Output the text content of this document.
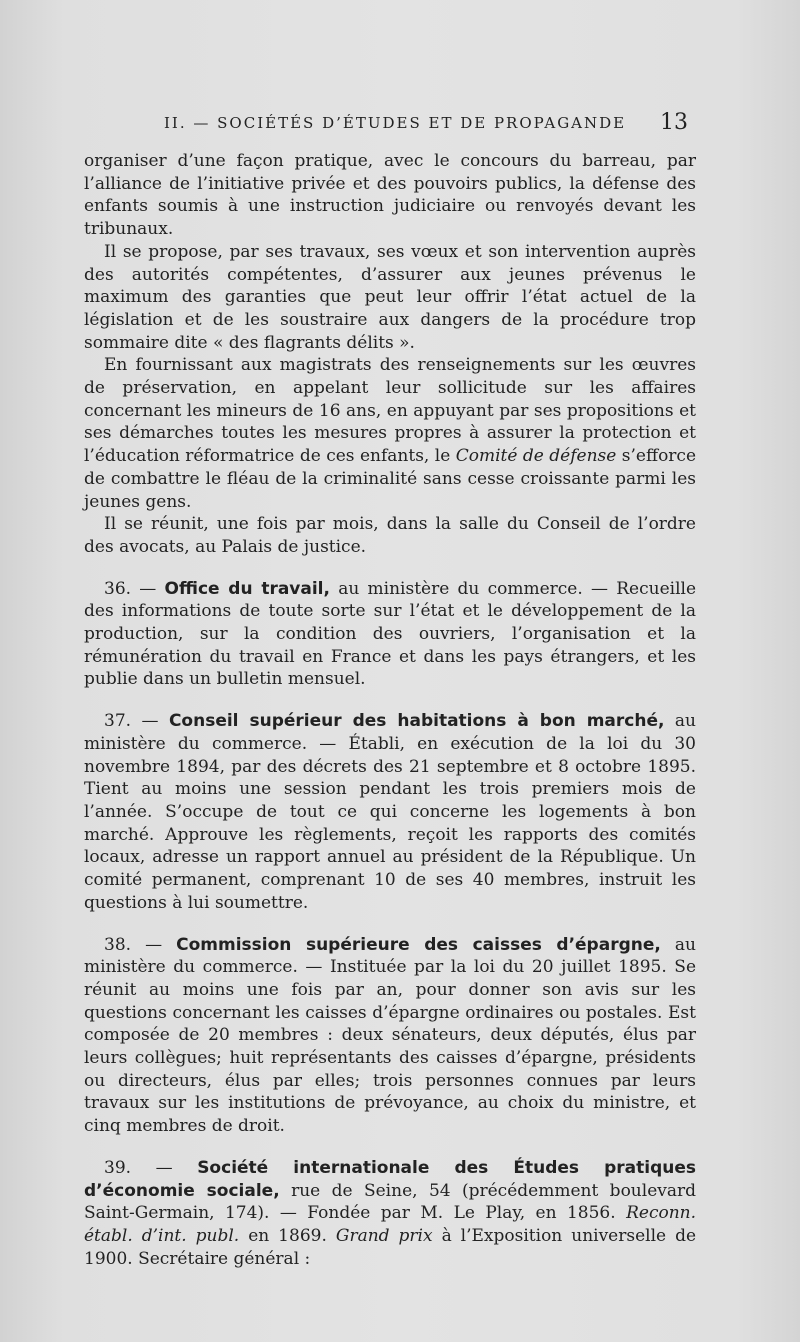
II. — SOCIÉTÉS D’ÉTUDES ET DE PROPAGANDE 13

organiser d’une façon pratique, avec le concours du barreau, par l’alliance de l’initiative privée et des pouvoirs publics, la défense des enfants soumis à une instruction judiciaire ou renvoyés devant les tribunaux.

Il se propose, par ses travaux, ses vœux et son intervention auprès des autorités compétentes, d’assurer aux jeunes prévenus le maximum des garanties que peut leur offrir l’état actuel de la législation et de les soustraire aux dangers de la procédure trop sommaire dite « des flagrants délits ».

En fournissant aux magistrats des renseignements sur les œuvres de préservation, en appelant leur sollicitude sur les affaires concernant les mineurs de 16 ans, en appuyant par ses propositions et ses démarches toutes les mesures propres à assurer la protection et l’éducation réformatrice de ces enfants, le Comité de défense s’efforce de combattre le fléau de la criminalité sans cesse croissante parmi les jeunes gens.

Il se réunit, une fois par mois, dans la salle du Conseil de l’ordre des avocats, au Palais de justice.

36. — Office du travail, au ministère du commerce. — Recueille des informations de toute sorte sur l’état et le développement de la production, sur la condition des ouvriers, l’organisation et la rémunération du travail en France et dans les pays étrangers, et les publie dans un bulletin mensuel.

37. — Conseil supérieur des habitations à bon marché, au ministère du commerce. — Établi, en exécution de la loi du 30 novembre 1894, par des décrets des 21 septembre et 8 octobre 1895. Tient au moins une session pendant les trois premiers mois de l’année. S’occupe de tout ce qui concerne les logements à bon marché. Approuve les règlements, reçoit les rapports des comités locaux, adresse un rapport annuel au président de la République. Un comité permanent, comprenant 10 de ses 40 membres, instruit les questions à lui soumettre.

38. — Commission supérieure des caisses d’épargne, au ministère du commerce. — Instituée par la loi du 20 juillet 1895. Se réunit au moins une fois par an, pour donner son avis sur les questions concernant les caisses d’épargne ordinaires ou postales. Est composée de 20 membres : deux sénateurs, deux députés, élus par leurs collègues; huit représentants des caisses d’épargne, présidents ou directeurs, élus par elles; trois personnes connues par leurs travaux sur les institutions de prévoyance, au choix du ministre, et cinq membres de droit.

39. — Société internationale des Études pratiques d’économie sociale, rue de Seine, 54 (précédemment boulevard Saint-Germain, 174). — Fondée par M. Le Play, en 1856. Reconn. établ. d’int. publ. en 1869. Grand prix à l’Exposition universelle de 1900. Secrétaire général :
